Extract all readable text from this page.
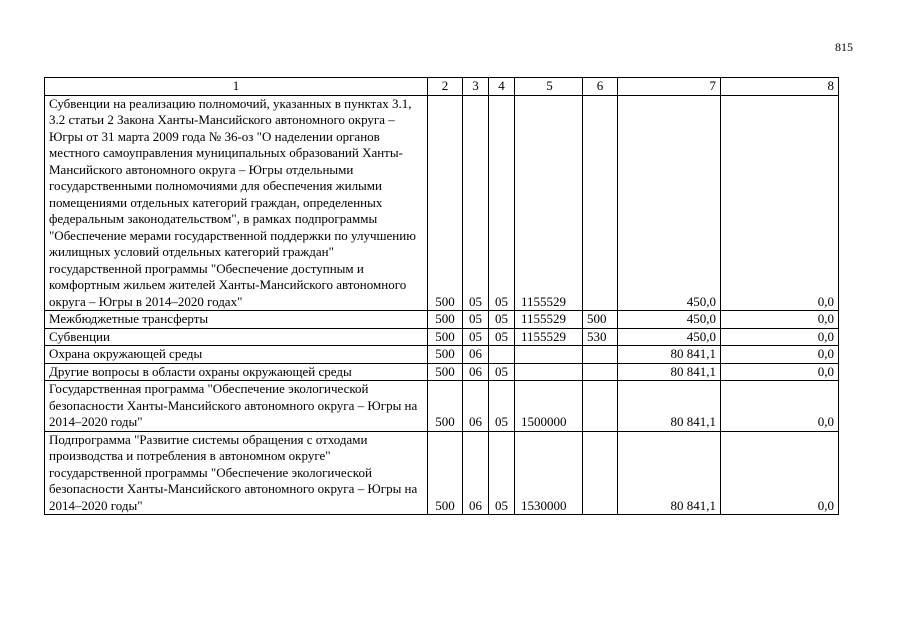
815
1	2	3	4	5	6	7	8
Субвенции на реализацию полномочий, указанных в пунктах 3.1, 3.2 статьи 2 Закона Ханты-Мансийского автономного округа – Югры от 31 марта 2009 года № 36-оз "О наделении органов местного самоуправления муниципальных образований Ханты-Мансийского автономного округа – Югры отдельными государственными полномочиями для обеспечения жилыми помещениями отдельных категорий граждан, определенных федеральным законодательством", в рамках подпрограммы "Обеспечение мерами государственной поддержки по улучшению жилищных условий отдельных категорий граждан" государственной программы "Обеспечение доступным и комфортным жильем жителей Ханты-Мансийского автономного округа – Югры в 2014–2020 годах"	500	05	05	1155529		450,0	0,0
Межбюджетные трансферты	500	05	05	1155529	500	450,0	0,0
Субвенции	500	05	05	1155529	530	450,0	0,0
Охрана окружающей среды	500	06				80 841,1	0,0
Другие вопросы в области охраны окружающей среды	500	06	05			80 841,1	0,0
Государственная программа "Обеспечение экологической безопасности Ханты-Мансийского автономного округа – Югры на 2014–2020 годы"	500	06	05	1500000		80 841,1	0,0
Подпрограмма "Развитие системы обращения с отходами производства и потребления в автономном округе" государственной программы "Обеспечение экологической безопасности Ханты-Мансийского автономного округа – Югры на 2014–2020 годы"	500	06	05	1530000		80 841,1	0,0
